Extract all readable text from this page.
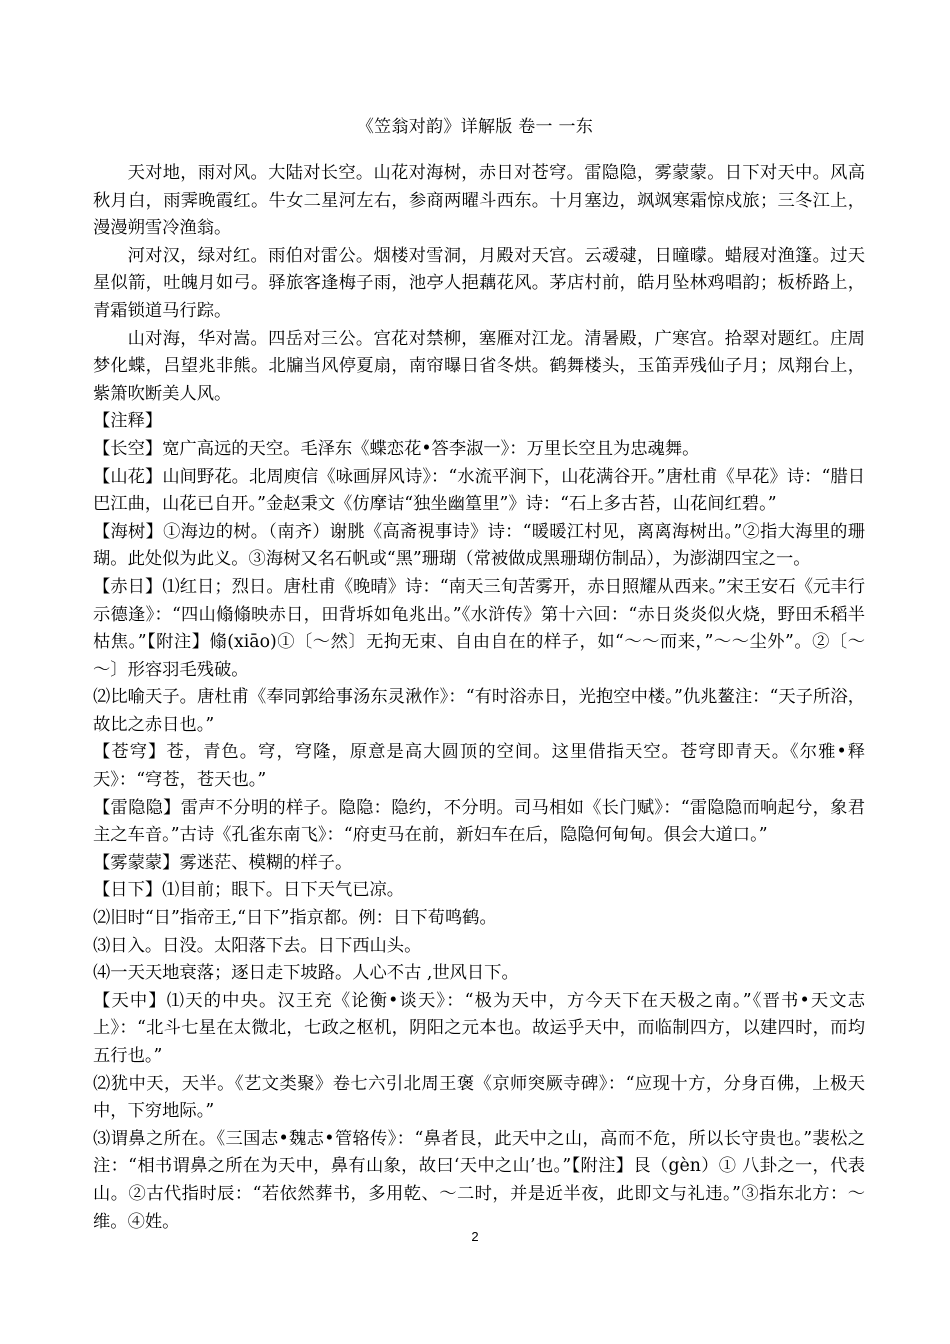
《笠翁对韵》详解版 卷一 一东

天对地，雨对风。大陆对长空。山花对海树，赤日对苍穹。雷隐隐，雾蒙蒙。日下对天中。风高秋月白，雨霁晚霞红。牛女二星河左右，参商两曜斗西东。十月塞边，飒飒寒霜惊戍旅；三冬江上，漫漫朔雪冷渔翁。

河对汉，绿对红。雨伯对雷公。烟楼对雪洞，月殿对天宫。云叆叇，日曈曚。蜡屐对渔篷。过天星似箭，吐魄月如弓。驿旅客逢梅子雨，池亭人挹藕花风。茅店村前，皓月坠林鸡唱韵；板桥路上，青霜锁道马行踪。

山对海，华对嵩。四岳对三公。宫花对禁柳，塞雁对江龙。清暑殿，广寒宫。拾翠对题红。庄周梦化蝶，吕望兆非熊。北牖当风停夏扇，南帘曝日省冬烘。鹤舞楼头，玉笛弄残仙子月；凤翔台上，紫箫吹断美人风。

【注释】

【长空】宽广高远的天空。毛泽东《蝶恋花•答李淑一》：万里长空且为忠魂舞。

【山花】山间野花。北周庾信《咏画屏风诗》：“水流平涧下，山花满谷开。”唐杜甫《早花》诗：“腊日巴江曲，山花已自开。”金赵秉文《仿摩诘“独坐幽篁里”》诗：“石上多古苔，山花间红碧。”

【海树】①海边的树。（南齐）谢朓《高斋視事诗》诗：“暖暖江村见，离离海树出。”②指大海里的珊瑚。此处似为此义。③海树又名石帆或“黑”珊瑚（常被做成黑珊瑚仿制品），为澎湖四宝之一。

【赤日】⑴红日；烈日。唐杜甫《晚晴》诗：“南天三旬苦雾开，赤日照耀从西来。”宋王安石《元丰行示德逢》：“四山翛翛映赤日，田背坼如龟兆出。”《水浒传》第十六回：“赤日炎炎似火烧，野田禾稻半枯焦。”【附注】翛(xiāo)①〔～然〕无拘无束、自由自在的样子，如“～～而来，”～～尘外”。②〔～～〕形容羽毛残破。

⑵比喻天子。唐杜甫《奉同郭给事汤东灵湫作》：“有时浴赤日，光抱空中楼。”仇兆鳌注：“天子所浴，故比之赤日也。”

【苍穹】苍，青色。穹，穹隆，原意是高大圆顶的空间。这里借指天空。苍穹即青天。《尔雅•释天》：“穹苍，苍天也。”

【雷隐隐】雷声不分明的样子。隐隐：隐约，不分明。司马相如《长门赋》：“雷隐隐而响起兮，象君主之车音。”古诗《孔雀东南飞》：“府吏马在前，新妇车在后，隐隐何甸甸。俱会大道口。”

【雾蒙蒙】雾迷茫、模糊的样子。

【日下】⑴目前；眼下。日下天气已凉。

⑵旧时“日”指帝王,“日下”指京都。例：日下荀鸣鹤。

⑶日入。日没。太阳落下去。日下西山头。

⑷一天天地衰落；逐日走下坡路。人心不古 ,世风日下。

【天中】⑴天的中央。汉王充《论衡•谈天》：“极为天中，方今天下在天极之南。”《晋书•天文志上》：“北斗七星在太微北，七政之枢机，阴阳之元本也。故运乎天中，而临制四方，以建四时，而均五行也。”

⑵犹中天，天半。《艺文类聚》卷七六引北周王褒《京师突厥寺碑》：“应现十方，分身百佛，上极天中，下穷地际。”

⑶谓鼻之所在。《三国志•魏志•管辂传》：“鼻者艮，此天中之山，高而不危，所以长守贵也。”裴松之注：“相书谓鼻之所在为天中，鼻有山象，故曰‘天中之山’也。”【附注】艮（gèn）① 八卦之一，代表山。②古代指时辰：“若依然葬书，多用乾、～二时，并是近半夜，此即文与礼违。”③指东北方：～维。④姓。

2
